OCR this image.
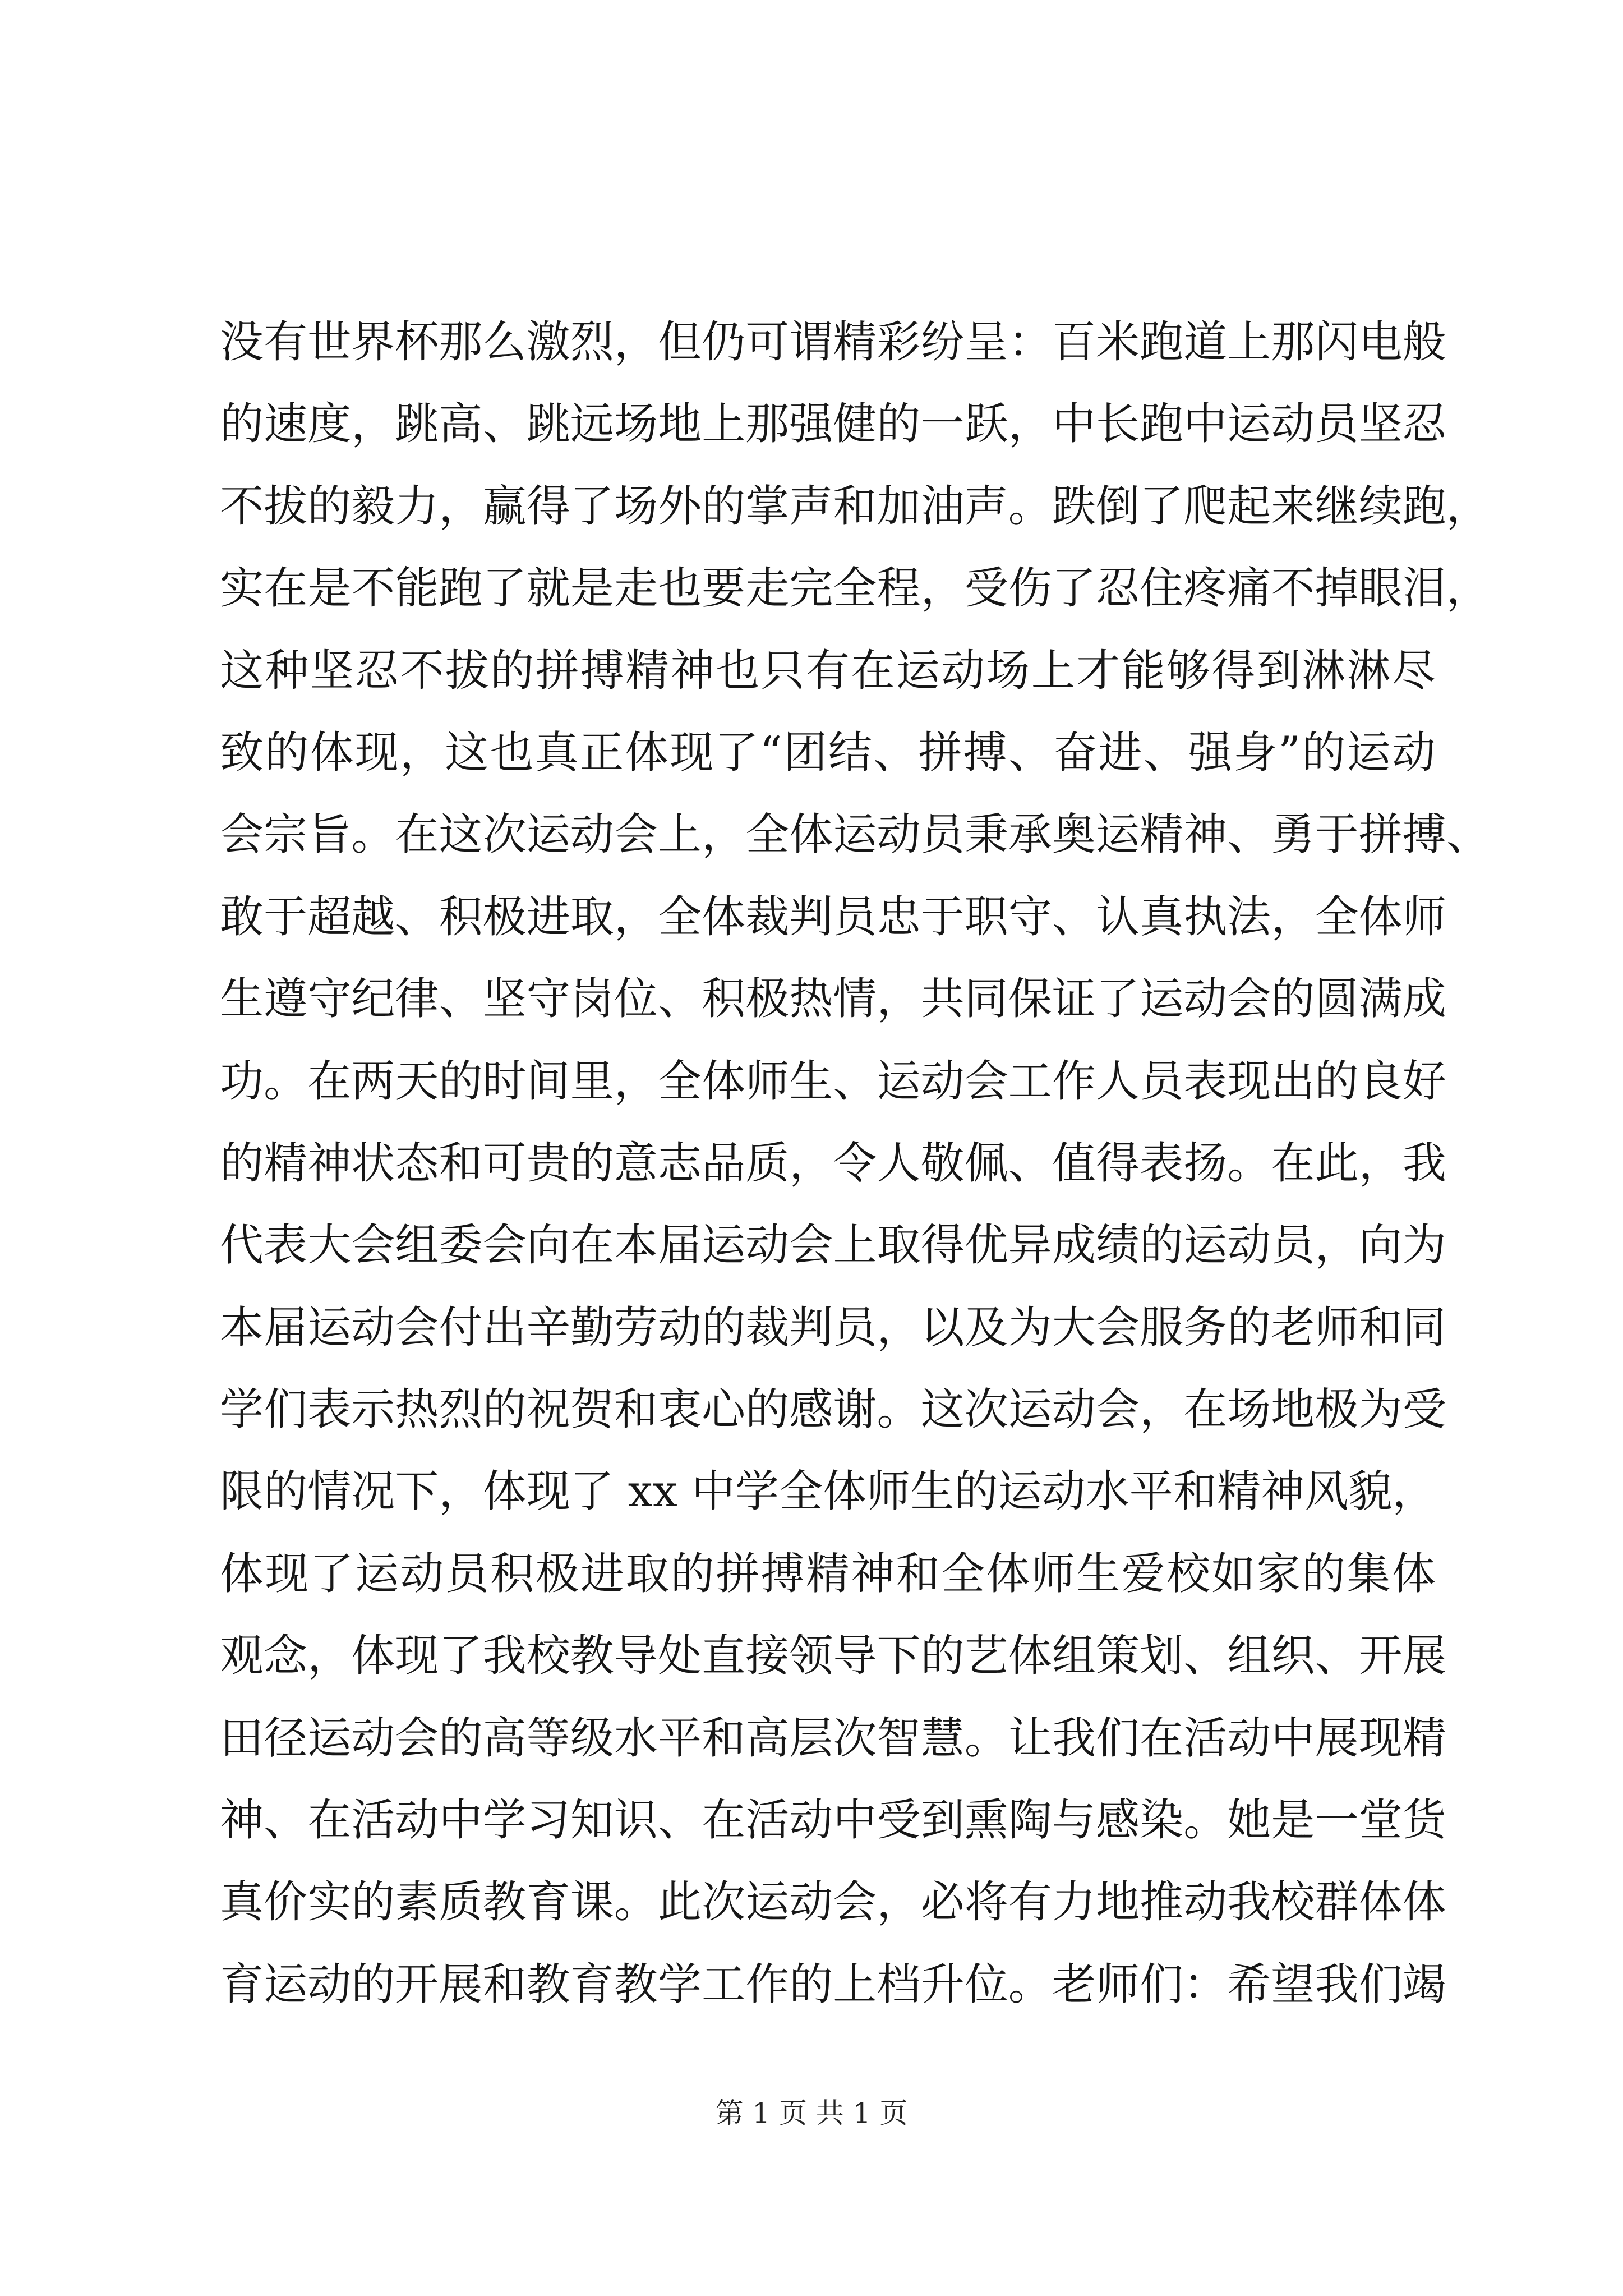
没有世界杯那么激烈，但仍可谓精彩纷呈：百米跑道上那闪电般
的速度，跳高、跳远场地上那强健的一跃，中长跑中运动员坚忍
不拔的毅力，赢得了场外的掌声和加油声。跌倒了爬起来继续跑，
实在是不能跑了就是走也要走完全程，受伤了忍住疼痛不掉眼泪，
这种坚忍不拔的拼搏精神也只有在运动场上才能够得到淋淋尽
致的体现，这也真正体现了“团结、拼搏、奋进、强身”的运动
会宗旨。在这次运动会上，全体运动员秉承奥运精神、勇于拼搏、
敢于超越、积极进取，全体裁判员忠于职守、认真执法，全体师
生遵守纪律、坚守岗位、积极热情，共同保证了运动会的圆满成
功。在两天的时间里，全体师生、运动会工作人员表现出的良好
的精神状态和可贵的意志品质，令人敬佩、值得表扬。在此，我
代表大会组委会向在本届运动会上取得优异成绩的运动员，向为
本届运动会付出辛勤劳动的裁判员，以及为大会服务的老师和同
学们表示热烈的祝贺和衷心的感谢。这次运动会，在场地极为受
限的情况下，体现了 xx 中学全体师生的运动水平和精神风貌，
体现了运动员积极进取的拼搏精神和全体师生爱校如家的集体
观念，体现了我校教导处直接领导下的艺体组策划、组织、开展
田径运动会的高等级水平和高层次智慧。让我们在活动中展现精
神、在活动中学习知识、在活动中受到熏陶与感染。她是一堂货
真价实的素质教育课。此次运动会，必将有力地推动我校群体体
育运动的开展和教育教学工作的上档升位。老师们：希望我们竭
第 1 页 共 1 页
